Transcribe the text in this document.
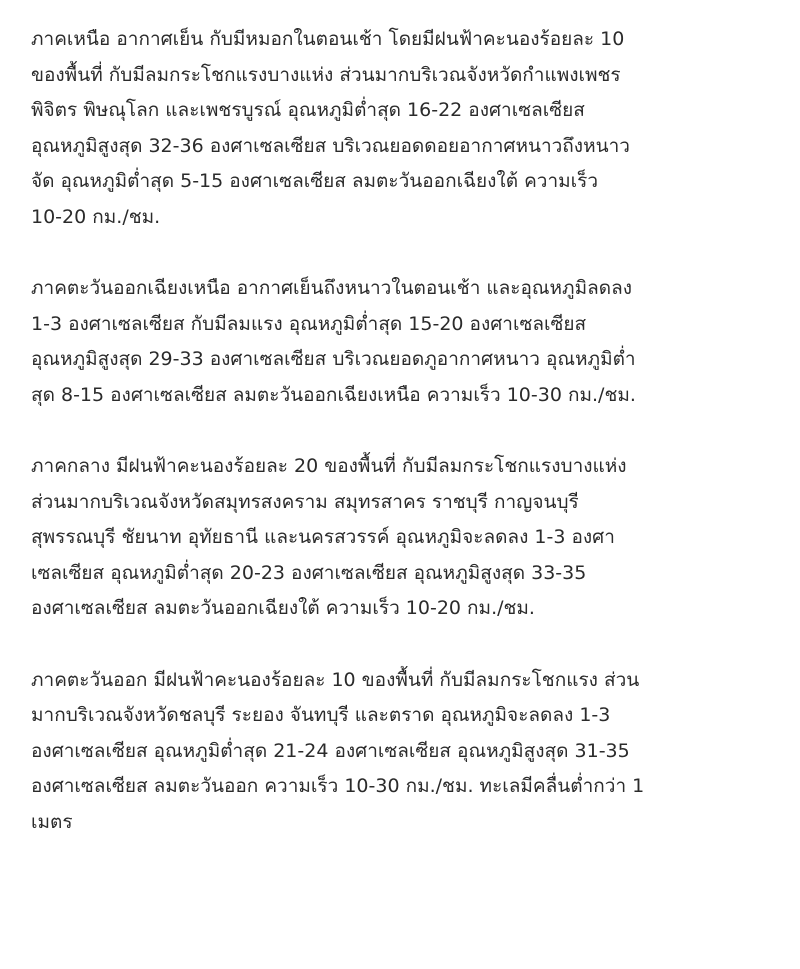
ภาคเหนือ อากาศเย็น กับมีหมอกในตอนเช้า โดยมีฝนฟ้าคะนองร้อยละ 10
ของพื้นที่ กับมีลมกระโชกแรงบางแห่ง ส่วนมากบริเวณจังหวัดกำแพงเพชร
พิจิตร พิษณุโลก และเพชรบูรณ์ อุณหภูมิต่ำสุด 16-22 องศาเซลเซียส
อุณหภูมิสูงสุด 32-36 องศาเซลเซียส บริเวณยอดดอยอากาศหนาวถึงหนาว
จัด อุณหภูมิต่ำสุด 5-15 องศาเซลเซียส ลมตะวันออกเฉียงใต้ ความเร็ว
10-20 กม./ชม.

ภาคตะวันออกเฉียงเหนือ อากาศเย็นถึงหนาวในตอนเช้า และอุณหภูมิลดลง
1-3 องศาเซลเซียส กับมีลมแรง อุณหภูมิต่ำสุด 15-20 องศาเซลเซียส
อุณหภูมิสูงสุด 29-33 องศาเซลเซียส บริเวณยอดภูอากาศหนาว อุณหภูมิต่ำ
สุด 8-15 องศาเซลเซียส ลมตะวันออกเฉียงเหนือ ความเร็ว 10-30 กม./ชม.

ภาคกลาง มีฝนฟ้าคะนองร้อยละ 20 ของพื้นที่ กับมีลมกระโชกแรงบางแห่ง
ส่วนมากบริเวณจังหวัดสมุทรสงคราม สมุทรสาคร ราชบุรี กาญจนบุรี
สุพรรณบุรี ชัยนาท อุทัยธานี และนครสวรรค์ อุณหภูมิจะลดลง 1-3 องศา
เซลเซียส อุณหภูมิต่ำสุด 20-23 องศาเซลเซียส อุณหภูมิสูงสุด 33-35
องศาเซลเซียส ลมตะวันออกเฉียงใต้ ความเร็ว 10-20 กม./ชม.

ภาคตะวันออก มีฝนฟ้าคะนองร้อยละ 10 ของพื้นที่ กับมีลมกระโชกแรง ส่วน
มากบริเวณจังหวัดชลบุรี ระยอง จันทบุรี และตราด อุณหภูมิจะลดลง 1-3
องศาเซลเซียส อุณหภูมิต่ำสุด 21-24 องศาเซลเซียส อุณหภูมิสูงสุด 31-35
องศาเซลเซียส ลมตะวันออก ความเร็ว 10-30 กม./ชม. ทะเลมีคลื่นต่ำกว่า 1
เมตร
